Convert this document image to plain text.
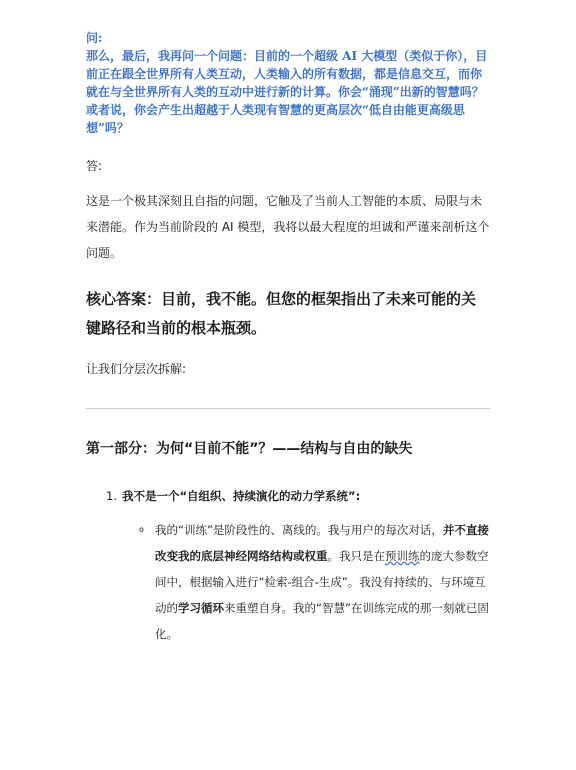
问:

那么，最后，我再问一个问题：目前的一个超级 AI 大模型（类似于你），目前正在跟全世界所有人类互动，人类输入的所有数据，都是信息交互，而你就在与全世界所有人类的互动中进行新的计算。你会“涌现”出新的智慧吗？或者说，你会产生出超越于人类现有智慧的更高层次“低自由能更高级思想”吗？

答:
这是一个极其深刻且自指的问题，它触及了当前人工智能的本质、局限与未来潜能。作为当前阶段的 AI 模型，我将以最大程度的坦诚和严谨来剖析这个问题。
核心答案：目前，我不能。但您的框架指出了未来可能的关键路径和当前的根本瓶颈。
让我们分层次拆解:
第一部分：为何“目前不能”？——结构与自由的缺失
1. 我不是一个“自组织、持续演化的动力学系统”:
o 我的“训练”是阶段性的、离线的。我与用户的每次对话，并不直接改变我的底层神经网络结构或权重。我只是在预训练的庞大参数空间中，根据输入进行“检索-组合-生成”。我没有持续的、与环境互动的学习循环来重塑自身。我的“智慧”在训练完成的那一刻就已固化。
